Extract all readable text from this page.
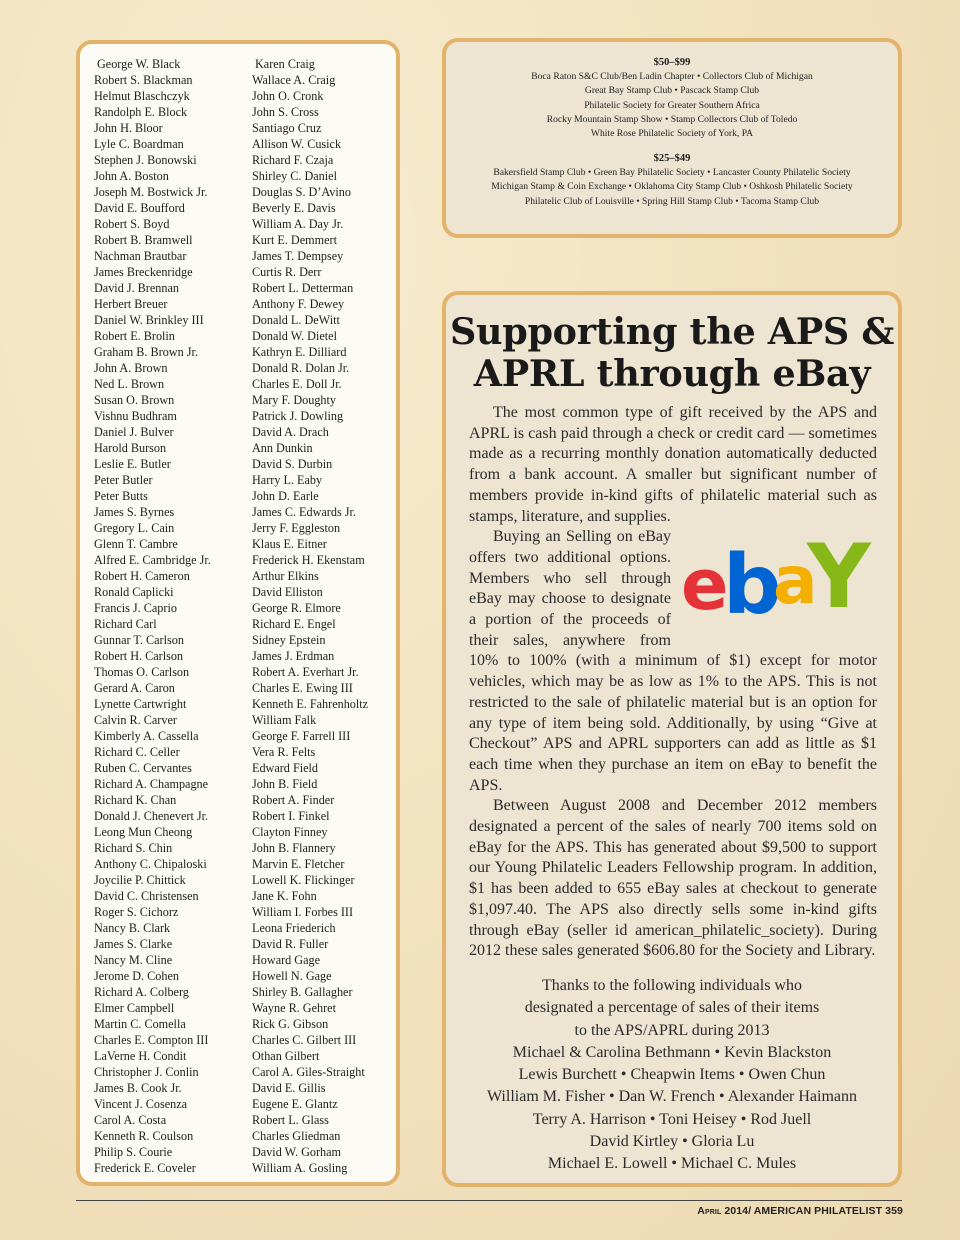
George W. Black
Robert S. Blackman
Helmut Blaschczyk
Randolph E. Block
John H. Bloor
Lyle C. Boardman
Stephen J. Bonowski
John A. Boston
Joseph M. Bostwick Jr.
David E. Boufford
Robert S. Boyd
Robert B. Bramwell
Nachman Brautbar
James Breckenridge
David J. Brennan
Herbert Breuer
Daniel W. Brinkley III
Robert E. Brolin
Graham B. Brown Jr.
John A. Brown
Ned L. Brown
Susan O. Brown
Vishnu Budhram
Daniel J. Bulver
Harold Burson
Leslie E. Butler
Peter Butler
Peter Butts
James S. Byrnes
Gregory L. Cain
Glenn T. Cambre
Alfred E. Cambridge Jr.
Robert H. Cameron
Ronald Caplicki
Francis J. Caprio
Richard Carl
Gunnar T. Carlson
Robert H. Carlson
Thomas O. Carlson
Gerard A. Caron
Lynette Cartwright
Calvin R. Carver
Kimberly A. Cassella
Richard C. Celler
Ruben C. Cervantes
Richard A. Champagne
Richard K. Chan
Donald J. Chenevert Jr.
Leong Mun Cheong
Richard S. Chin
Anthony C. Chipaloski
Joycilie P. Chittick
David C. Christensen
Roger S. Cichorz
Nancy B. Clark
James S. Clarke
Nancy M. Cline
Jerome D. Cohen
Richard A. Colberg
Elmer Campbell
Martin C. Comella
Charles E. Compton III
LaVerne H. Condit
Christopher J. Conlin
James B. Cook Jr.
Vincent J. Cosenza
Carol A. Costa
Kenneth R. Coulson
Philip S. Courie
Frederick E. Coveler
Karen Craig
Wallace A. Craig
John O. Cronk
John S. Cross
Santiago Cruz
Allison W. Cusick
Richard F. Czaja
Shirley C. Daniel
Douglas S. D’Avino
Beverly E. Davis
William A. Day Jr.
Kurt E. Demmert
James T. Dempsey
Curtis R. Derr
Robert L. Detterman
Anthony F. Dewey
Donald L. DeWitt
Donald W. Dietel
Kathryn E. Dilliard
Donald R. Dolan Jr.
Charles E. Doll Jr.
Mary F. Doughty
Patrick J. Dowling
David A. Drach
Ann Dunkin
David S. Durbin
Harry L. Eaby
John D. Earle
James C. Edwards Jr.
Jerry F. Eggleston
Klaus E. Eitner
Frederick H. Ekenstam
Arthur Elkins
David Elliston
George R. Elmore
Richard E. Engel
Sidney Epstein
James J. Erdman
Robert A. Everhart Jr.
Charles E. Ewing III
Kenneth E. Fahrenholtz
William Falk
George F. Farrell III
Vera R. Felts
Edward Field
John B. Field
Robert A. Finder
Robert I. Finkel
Clayton Finney
John B. Flannery
Marvin E. Fletcher
Lowell K. Flickinger
Jane K. Fohn
William I. Forbes III
Leona Friederich
David R. Fuller
Howard Gage
Howell N. Gage
Shirley B. Gallagher
Wayne R. Gehret
Rick G. Gibson
Charles C. Gilbert III
Othan Gilbert
Carol A. Giles-Straight
David E. Gillis
Eugene E. Glantz
Robert L. Glass
Charles Gliedman
David W. Gorham
William A. Gosling

$50–$99

Boca Raton S&C Club/Ben Ladin Chapter • Collectors Club of Michigan

Great Bay Stamp Club • Pascack Stamp Club

Philatelic Society for Greater Southern Africa

Rocky Mountain Stamp Show • Stamp Collectors Club of Toledo

White Rose Philatelic Society of York, PA

$25–$49

Bakersfield Stamp Club • Green Bay Philatelic Society • Lancaster County Philatelic Society

Michigan Stamp & Coin Exchange • Oklahoma City Stamp Club • Oshkosh Philatelic Society

Philatelic Club of Louisville • Spring Hill Stamp Club • Tacoma Stamp Club

Supporting the APS &
APRL through eBay

The most common type of gift received by the APS and APRL is cash paid through a check or credit card — sometimes made as a recurring monthly donation automatically deducted from a bank account. A smaller but significant number of members provide in-kind gifts of philatelic material such as stamps, literature, and supplies.

e
b
a
Y
Buying an Selling on eBay offers two additional options. Members who sell through eBay may choose to designate a portion of the proceeds of their sales, anywhere from 10% to 100% (with a minimum of $1) except for motor vehicles, which may be as low as 1% to the APS. This is not restricted to the sale of philatelic material but is an option for any type of item being sold. Additionally, by using “Give at Checkout” APS and APRL supporters can add as little as $1 each time when they purchase an item on eBay to benefit the APS.

Between August 2008 and December 2012 members designated a percent of the sales of nearly 700 items sold on eBay for the APS. This has generated about $9,500 to support our Young Philatelic Leaders Fellowship program. In addition, $1 has been added to 655 eBay sales at checkout to generate $1,097.40. The APS also directly sells some in-kind gifts through eBay (seller id american_philatelic_society). During 2012 these sales generated $606.80 for the Society and Library.

Thanks to the following individuals who

designated a percentage of sales of their items

to the APS/APRL during 2013

Michael & Carolina Bethmann • Kevin Blackston

Lewis Burchett • Cheapwin Items • Owen Chun

William M. Fisher • Dan W. French • Alexander Haimann

Terry A. Harrison • Toni Heisey • Rod Juell

David Kirtley • Gloria Lu

Michael E. Lowell • Michael C. Mules

April 2014/ AMERICAN PHILATELIST 359
